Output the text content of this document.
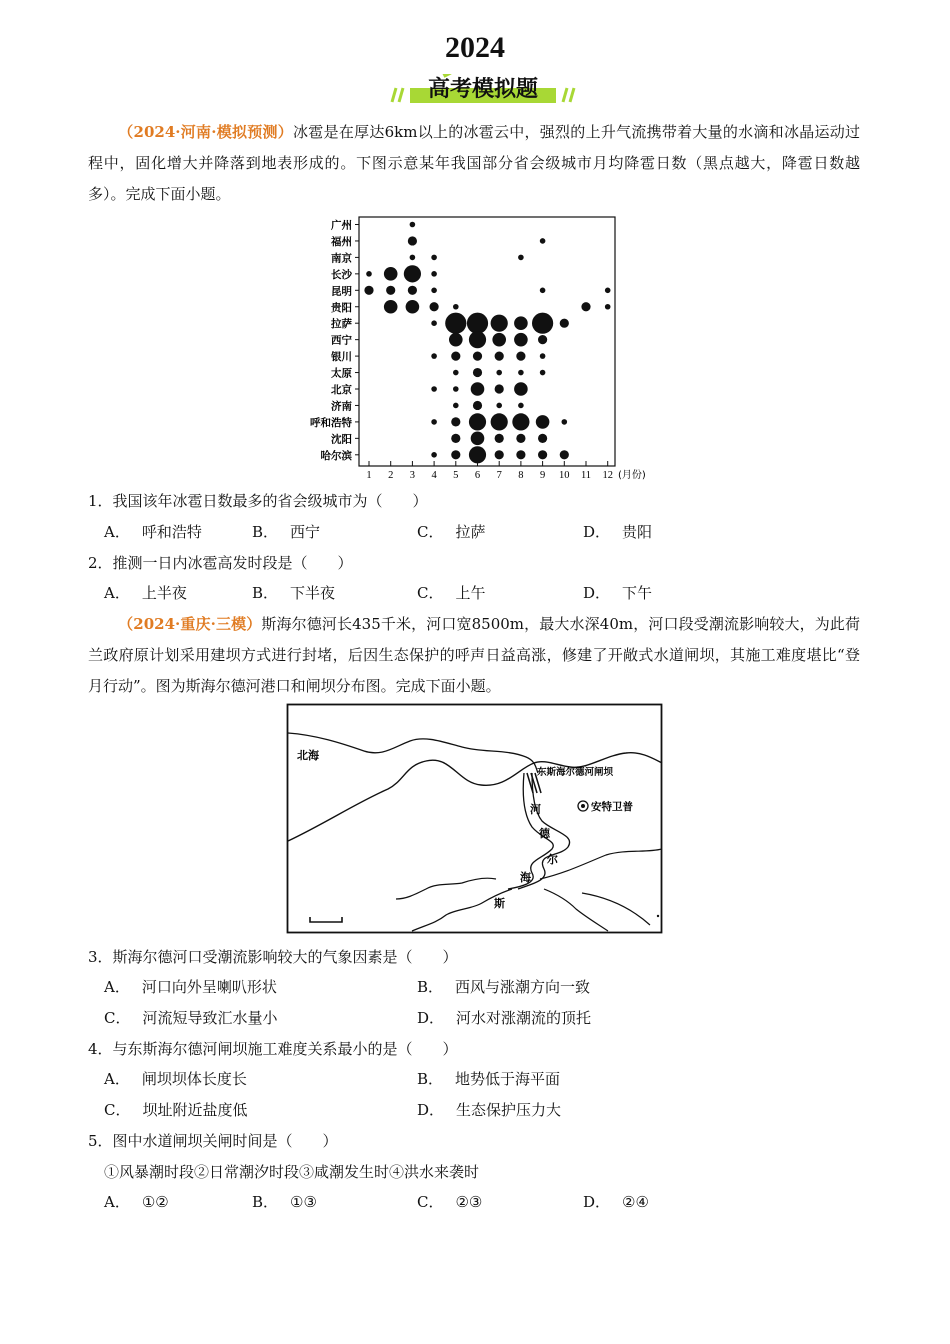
2024
高考模拟题
（2024·河南·模拟预测）冰雹是在厚达6km以上的冰雹云中，强烈的上升气流携带着大量的水滴和冰晶运动过程中，固化增大并降落到地表形成的。下图示意某年我国部分省会级城市月均降雹日数（黑点越大，降雹日数越多）。完成下面小题。
广州
福州
南京
长沙
昆明
贵阳
拉萨
西宁
银川
太原
北京
济南
呼和浩特
沈阳
哈尔滨
1 2 3 4 5 6 7 8 9 10 11 12 (月份)
1．我国该年冰雹日数最多的省会级城市为（　　）
A． 呼和浩特	B． 西宁	C． 拉萨	D． 贵阳
2．推测一日内冰雹高发时段是（　　）
A． 上半夜	B． 下半夜	C． 上午	D． 下午
（2024·重庆·三模）斯海尔德河长435千米，河口宽8500m，最大水深40m，河口段受潮流影响较大，为此荷兰政府原计划采用建坝方式进行封堵，后因生态保护的呼声日益高涨，修建了开敞式水道闸坝，其施工难度堪比“登月行动”。图为斯海尔德河港口和闸坝分布图。完成下面小题。
北海
东斯海尔德河闸坝
安特卫普
河
德
尔
海
斯
3．斯海尔德河口受潮流影响较大的气象因素是（　　）
A． 河口向外呈喇叭形状	B． 西风与涨潮方向一致
C． 河流短导致汇水量小	D． 河水对涨潮流的顶托
4．与东斯海尔德河闸坝施工难度关系最小的是（　　）
A． 闸坝坝体长度长	B． 地势低于海平面
C． 坝址附近盐度低	D． 生态保护压力大
5．图中水道闸坝关闸时间是（　　）
①风暴潮时段②日常潮汐时段③咸潮发生时④洪水来袭时
A． ①②	B． ①③	C． ②③	D． ②④
